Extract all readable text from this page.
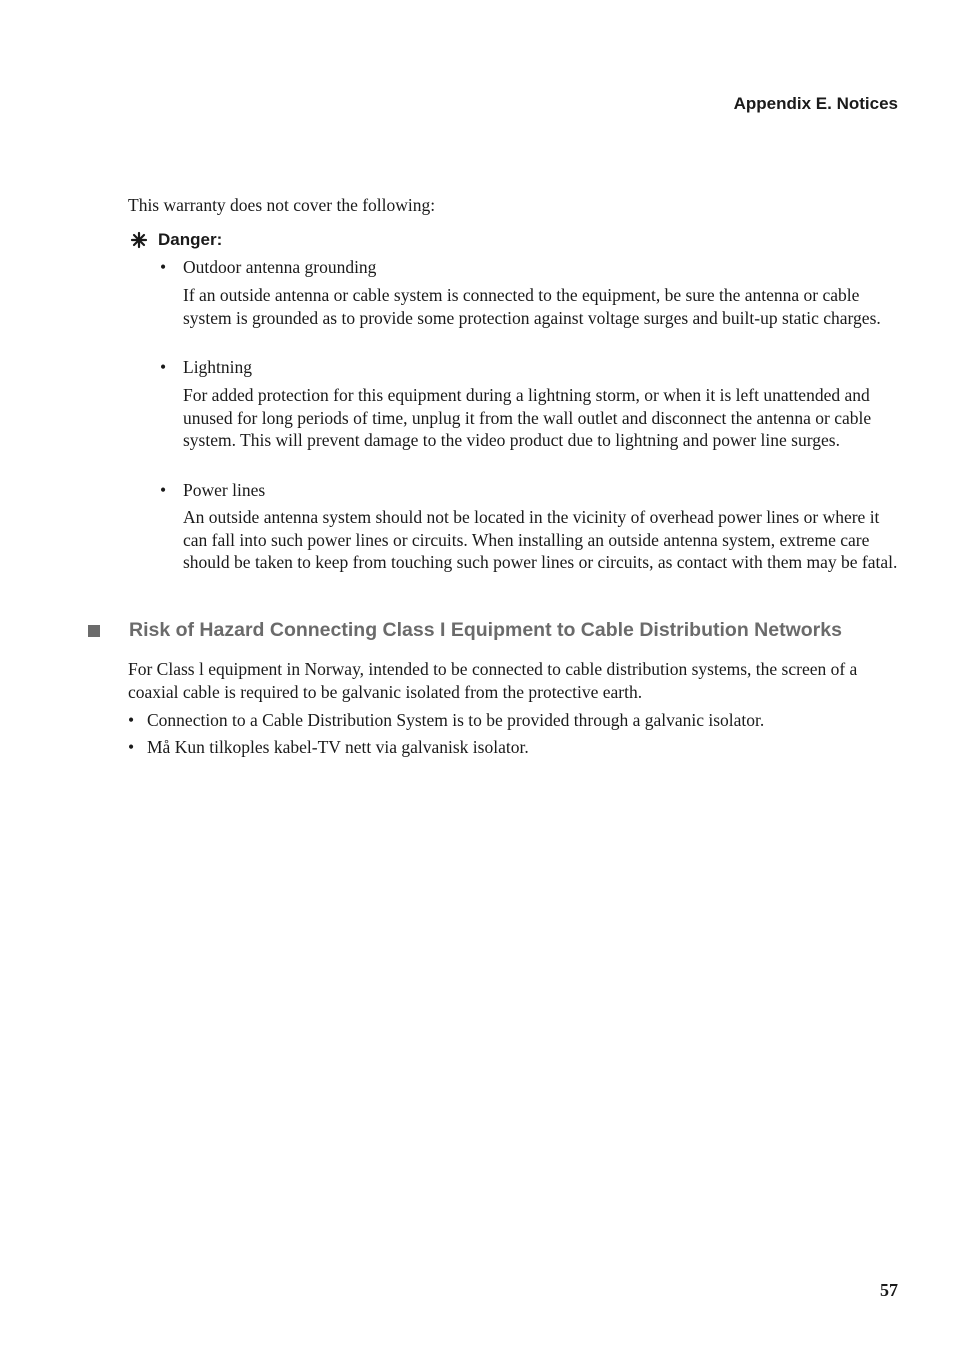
Appendix E. Notices

This warranty does not cover the following:

Danger:
• Outdoor antenna grounding

If an outside antenna or cable system is connected to the equipment, be sure the antenna or cable system is grounded as to provide some protection against voltage surges and built-up static charges.

• Lightning

For added protection for this equipment during a lightning storm, or when it is left unattended and unused for long periods of time, unplug it from the wall outlet and disconnect the antenna or cable system. This will prevent damage to the video product due to lightning and power line surges.

• Power lines

An outside antenna system should not be located in the vicinity of overhead power lines or where it can fall into such power lines or circuits. When installing an outside antenna system, extreme care should be taken to keep from touching such power lines or circuits, as contact with them may be fatal.

Risk of Hazard Connecting Class I Equipment to Cable Distribution Networks

For Class l equipment in Norway, intended to be connected to cable distribution systems, the screen of a coaxial cable is required to be galvanic isolated from the protective earth.

• Connection to a Cable Distribution System is to be provided through a galvanic isolator.
• Må Kun tilkoples kabel-TV nett via galvanisk isolator.
57
